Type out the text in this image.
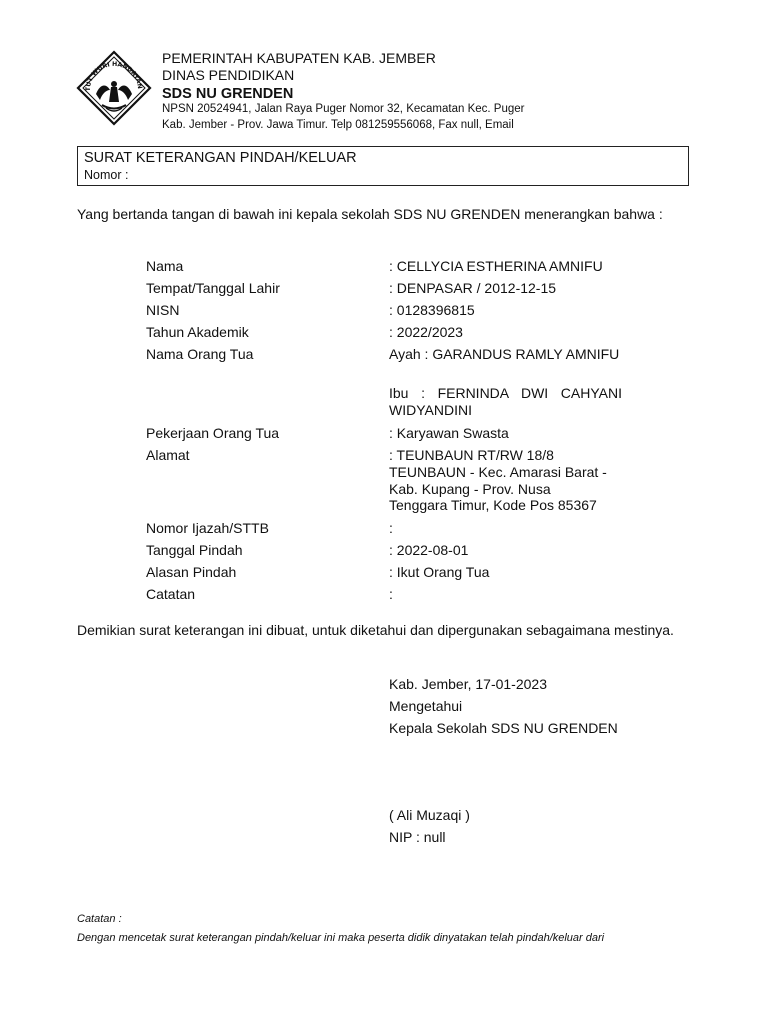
TUT WURI HANDAYAN
PEMERINTAH KABUPATEN KAB. JEMBER
DINAS PENDIDIKAN
SDS NU GRENDEN
NPSN 20524941, Jalan Raya Puger Nomor 32, Kecamatan Kec. Puger
Kab. Jember - Prov. Jawa Timur. Telp 081259556068, Fax null, Email
SURAT KETERANGAN PINDAH/KELUAR
Nomor :
Yang bertanda tangan di bawah ini kepala sekolah SDS NU GRENDEN menerangkan bahwa :
Nama	: CELLYCIA ESTHERINA AMNIFU
Tempat/Tanggal Lahir	: DENPASAR / 2012-12-15
NISN	: 0128396815
Tahun Akademik	: 2022/2023
Nama Orang Tua	Ayah : GARANDUS RAMLY AMNIFU
Ibu : FERNINDA DWI CAHYANI WIDYANDINI
Pekerjaan Orang Tua	: Karyawan Swasta
Alamat	: TEUNBAUN RT/RW 18/8
TEUNBAUN - Kec. Amarasi Barat -
Kab. Kupang - Prov. Nusa
Tenggara Timur, Kode Pos 85367
Nomor Ijazah/STTB	:
Tanggal Pindah	: 2022-08-01
Alasan Pindah	: Ikut Orang Tua
Catatan	:
Demikian surat keterangan ini dibuat, untuk diketahui dan dipergunakan sebagaimana mestinya.
Kab. Jember, 17-01-2023
Mengetahui
Kepala Sekolah SDS NU GRENDEN
( Ali Muzaqi )
NIP : null
Catatan :
Dengan mencetak surat keterangan pindah/keluar ini maka peserta didik dinyatakan telah pindah/keluar dari
